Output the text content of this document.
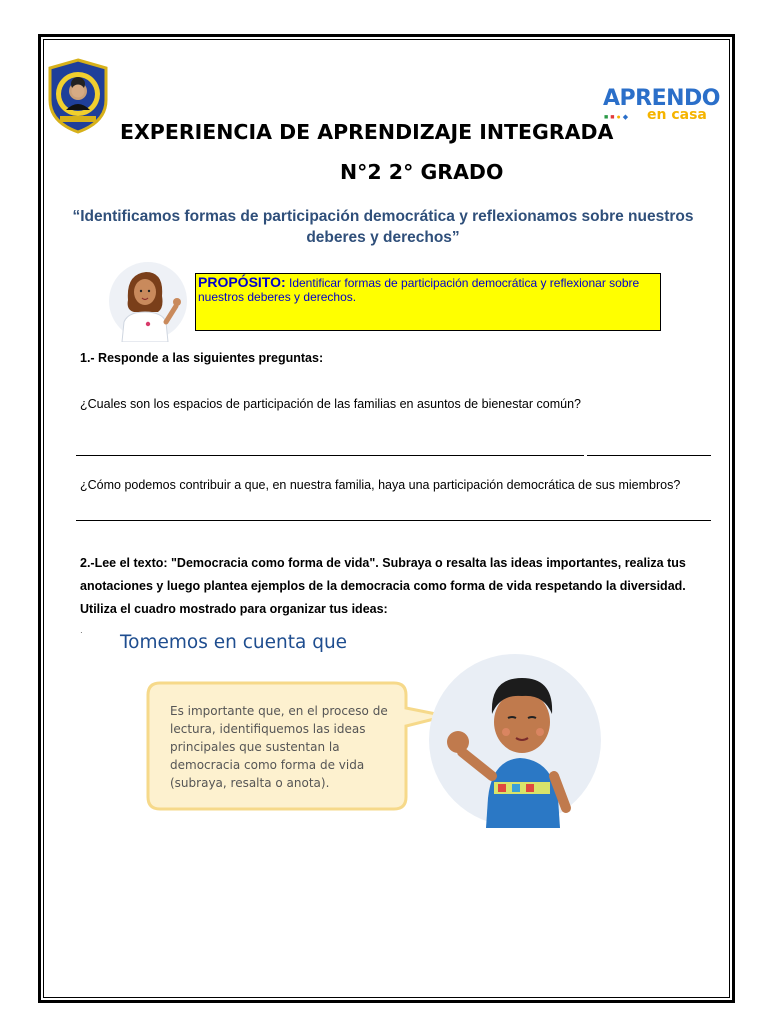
APRENDO
■■●◆ en casa
EXPERIENCIA DE APRENDIZAJE INTEGRADA
N°2 2° GRADO
“Identificamos formas de participación democrática y reflexionamos sobre nuestros deberes y derechos”
PROPÓSITO: Identificar formas de participación democrática y reflexionar sobre nuestros deberes y derechos.
1.- Responde a las siguientes preguntas:
¿Cuales son los espacios de participación de las familias en asuntos de bienestar común?
¿Cómo podemos contribuir a que, en nuestra familia, haya una participación democrática de sus miembros?
2.-Lee el texto: "Democracia como forma de vida". Subraya o resalta las ideas importantes, realiza tus anotaciones y luego plantea ejemplos de la democracia como forma de vida respetando la diversidad. Utiliza el cuadro mostrado para organizar tus ideas:
· Tomemos en cuenta que
Es importante que, en el proceso de lectura, identifiquemos las ideas principales que sustentan la democracia como forma de vida (subraya, resalta o anota).
